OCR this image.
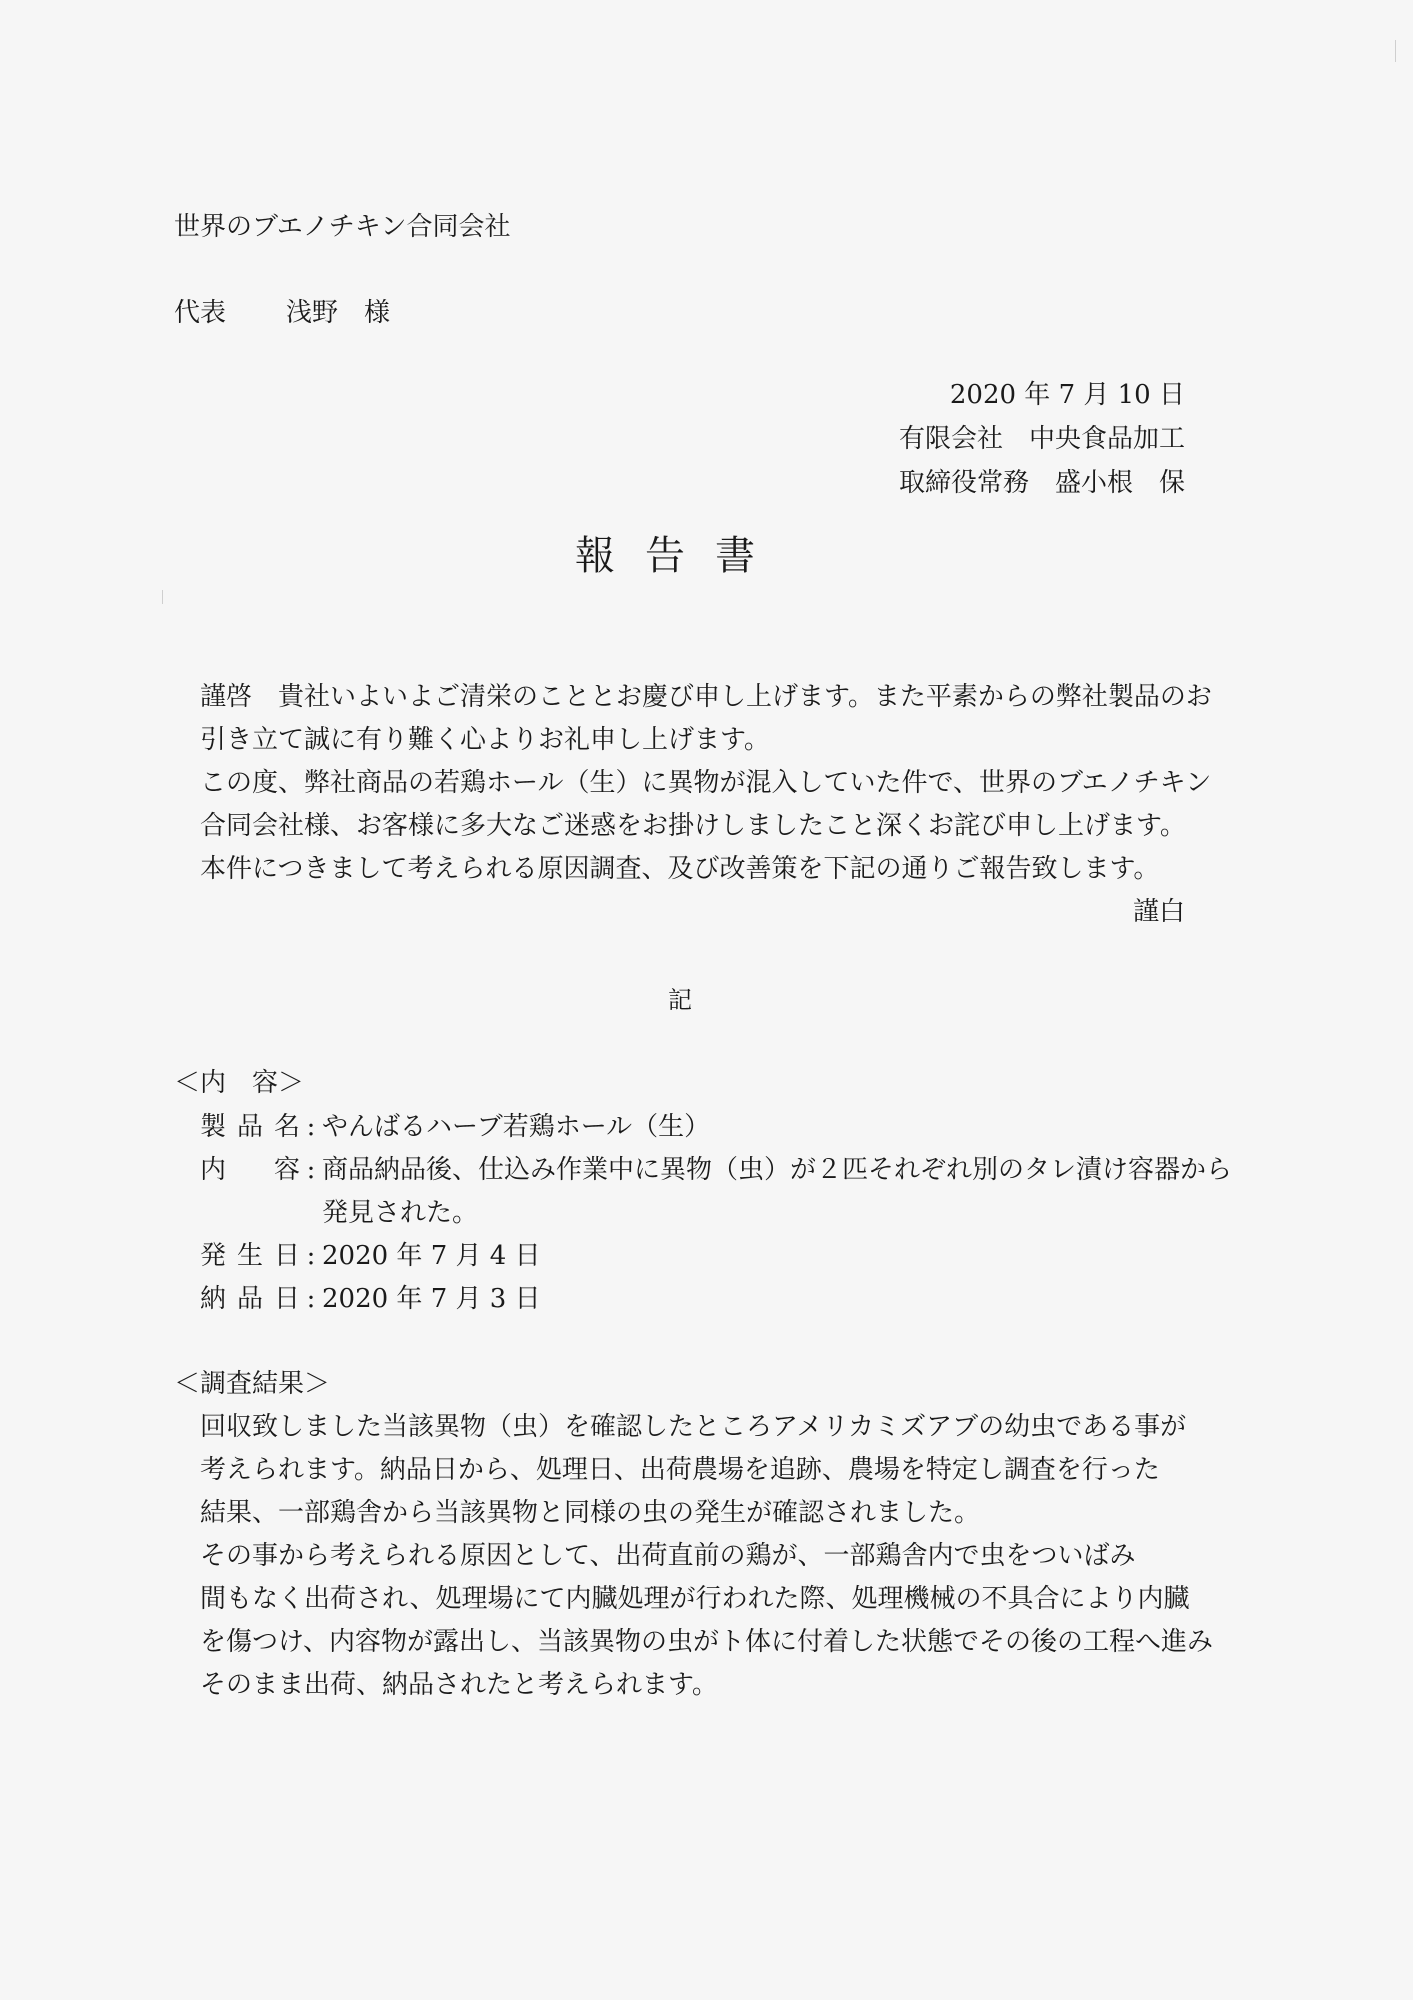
世界のブエノチキン合同会社
代表 浅野　様
2020 年 7 月 10 日
有限会社　中央食品加工
取締役常務　盛小根　保
報告書
謹啓　貴社いよいよご清栄のこととお慶び申し上げます。また平素からの弊社製品のお
引き立て誠に有り難く心よりお礼申し上げます。
この度、弊社商品の若鶏ホール（生）に異物が混入していた件で、世界のブエノチキン
合同会社様、お客様に多大なご迷惑をお掛けしましたこと深くお詫び申し上げます。
本件につきまして考えられる原因調査、及び改善策を下記の通りご報告致します。
謹白
記
＜内　容＞
製品名 : やんばるハーブ若鶏ホール（生）
内　容 : 商品納品後、仕込み作業中に異物（虫）が２匹それぞれ別のタレ漬け容器から
発見された。
発生日 : 2020 年 7 月 4 日
納品日 : 2020 年 7 月 3 日
＜調査結果＞
回収致しました当該異物（虫）を確認したところアメリカミズアブの幼虫である事が
考えられます。納品日から、処理日、出荷農場を追跡、農場を特定し調査を行った
結果、一部鶏舎から当該異物と同様の虫の発生が確認されました。
その事から考えられる原因として、出荷直前の鶏が、一部鶏舎内で虫をついばみ
間もなく出荷され、処理場にて内臓処理が行われた際、処理機械の不具合により内臓
を傷つけ、内容物が露出し、当該異物の虫がト体に付着した状態でその後の工程へ進み
そのまま出荷、納品されたと考えられます。
